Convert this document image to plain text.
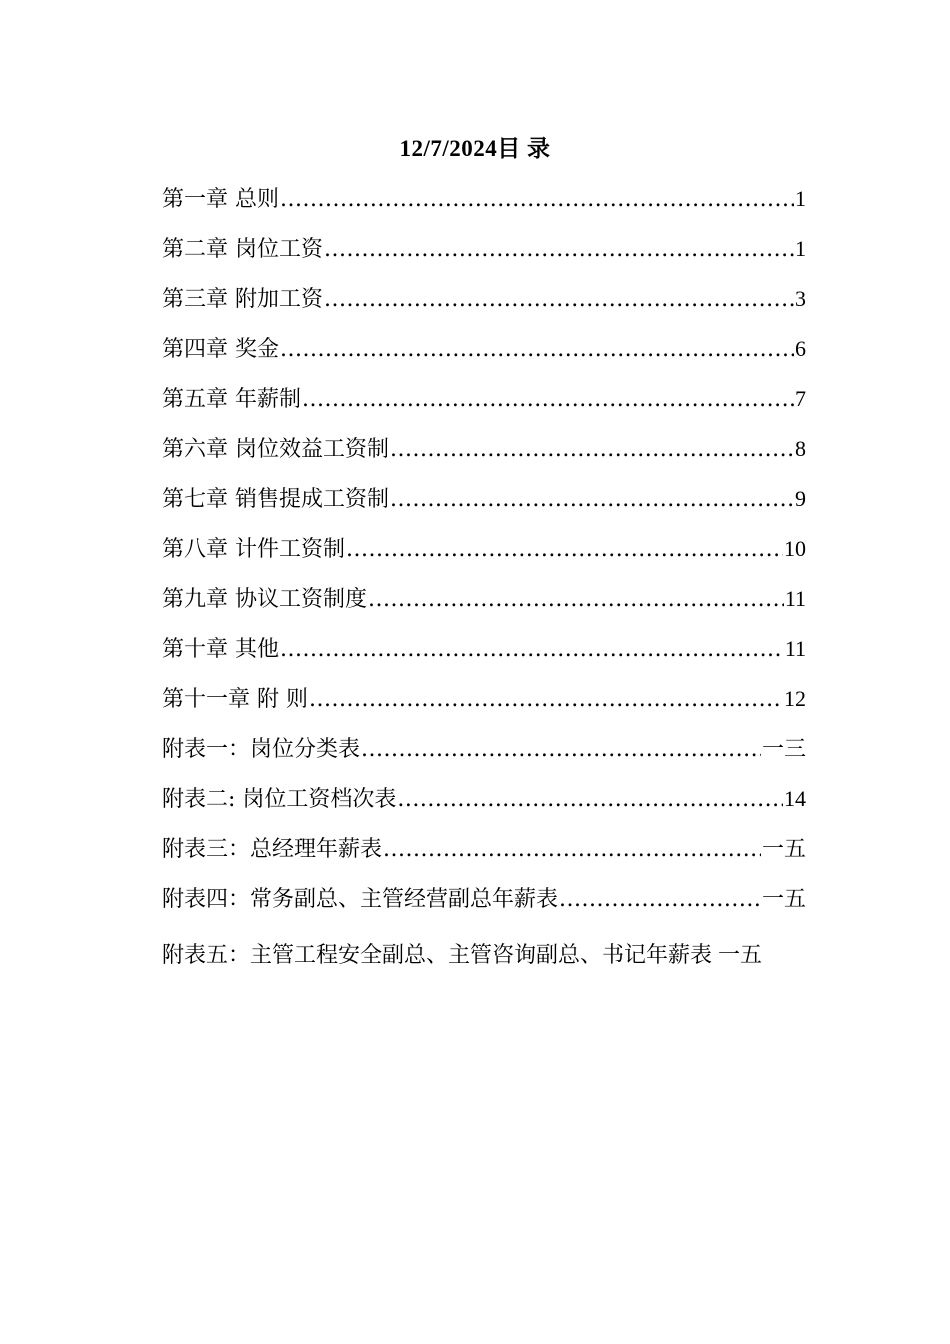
12/7/2024目 录
第一章 总则 .....	1
第二章 岗位工资 .....	1
第三章 附加工资 .....	3
第四章 奖金 .....	6
第五章 年薪制 .....	7
第六章 岗位效益工资制 .....	8
第七章 销售提成工资制 .....	9
第八章 计件工资制 .....	10
第九章 协议工资制度 .....	11
第十章 其他 .....	11
第十一章 附 则 .....	12
附表一：岗位分类表 .....	一三
附表二: 岗位工资档次表 .....	14
附表三：总经理年薪表 .....	一五
附表四：常务副总、主管经营副总年薪表 .....	一五
附表五：主管工程安全副总、主管咨询副总、书记年薪表 一五
